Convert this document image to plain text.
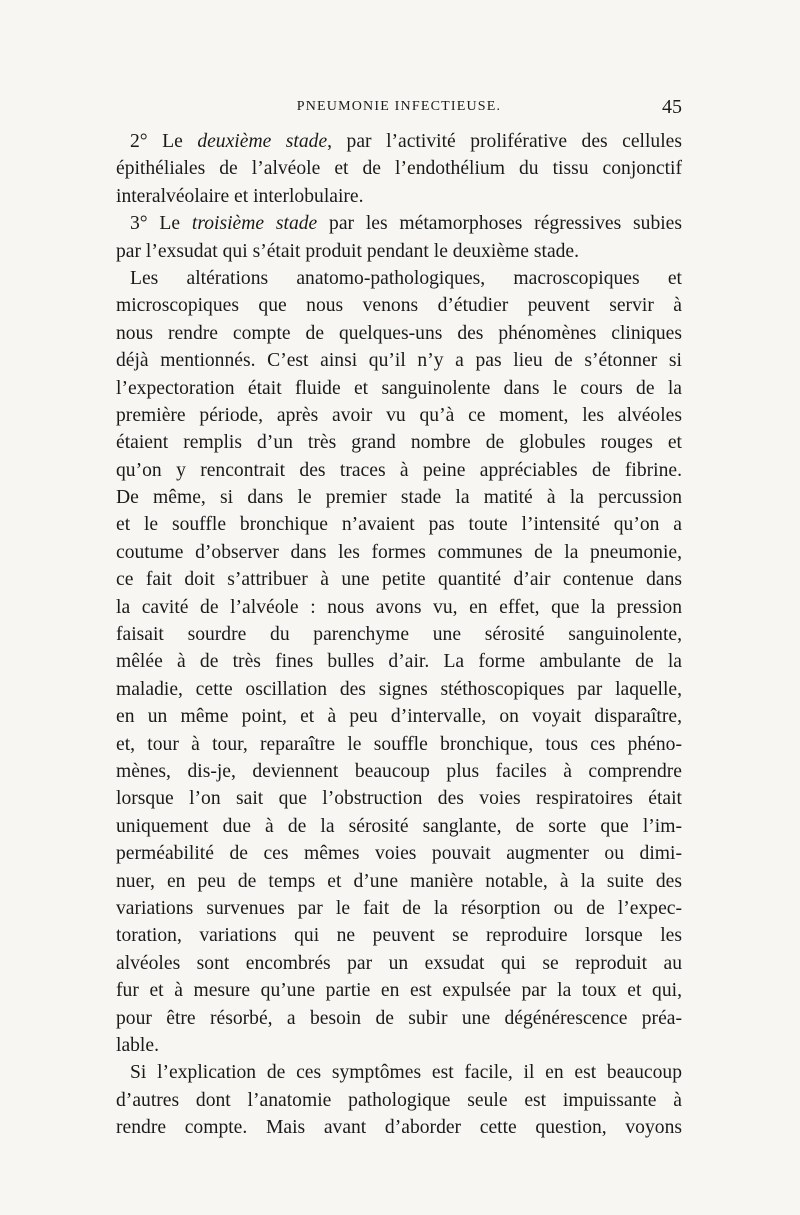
PNEUMONIE INFECTIEUSE.	45
2° Le deuxième stade, par l’activité proliférative des cellules
épithéliales de l’alvéole et de l’endothélium du tissu conjonctif
interalvéolaire et interlobulaire.
3° Le troisième stade par les métamorphoses régressives subies
par l’exsudat qui s’était produit pendant le deuxième stade.
Les altérations anatomo-pathologiques, macroscopiques et
microscopiques que nous venons d’étudier peuvent servir à
nous rendre compte de quelques-uns des phénomènes cliniques
déjà mentionnés. C’est ainsi qu’il n’y a pas lieu de s’étonner si
l’expectoration était fluide et sanguinolente dans le cours de la
première période, après avoir vu qu’à ce moment, les alvéoles
étaient remplis d’un très grand nombre de globules rouges et
qu’on y rencontrait des traces à peine appréciables de fibrine.
De même, si dans le premier stade la matité à la percussion
et le souffle bronchique n’avaient pas toute l’intensité qu’on a
coutume d’observer dans les formes communes de la pneumonie,
ce fait doit s’attribuer à une petite quantité d’air contenue dans
la cavité de l’alvéole : nous avons vu, en effet, que la pression
faisait sourdre du parenchyme une sérosité sanguinolente,
mêlée à de très fines bulles d’air. La forme ambulante de la
maladie, cette oscillation des signes stéthoscopiques par laquelle,
en un même point, et à peu d’intervalle, on voyait disparaître,
et, tour à tour, reparaître le souffle bronchique, tous ces phéno-
mènes, dis-je, deviennent beaucoup plus faciles à comprendre
lorsque l’on sait que l’obstruction des voies respiratoires était
uniquement due à de la sérosité sanglante, de sorte que l’im-
perméabilité de ces mêmes voies pouvait augmenter ou dimi-
nuer, en peu de temps et d’une manière notable, à la suite des
variations survenues par le fait de la résorption ou de l’expec-
toration, variations qui ne peuvent se reproduire lorsque les
alvéoles sont encombrés par un exsudat qui se reproduit au
fur et à mesure qu’une partie en est expulsée par la toux et qui,
pour être résorbé, a besoin de subir une dégénérescence préa-
lable.
Si l’explication de ces symptômes est facile, il en est beaucoup
d’autres dont l’anatomie pathologique seule est impuissante à
rendre compte. Mais avant d’aborder cette question, voyons
